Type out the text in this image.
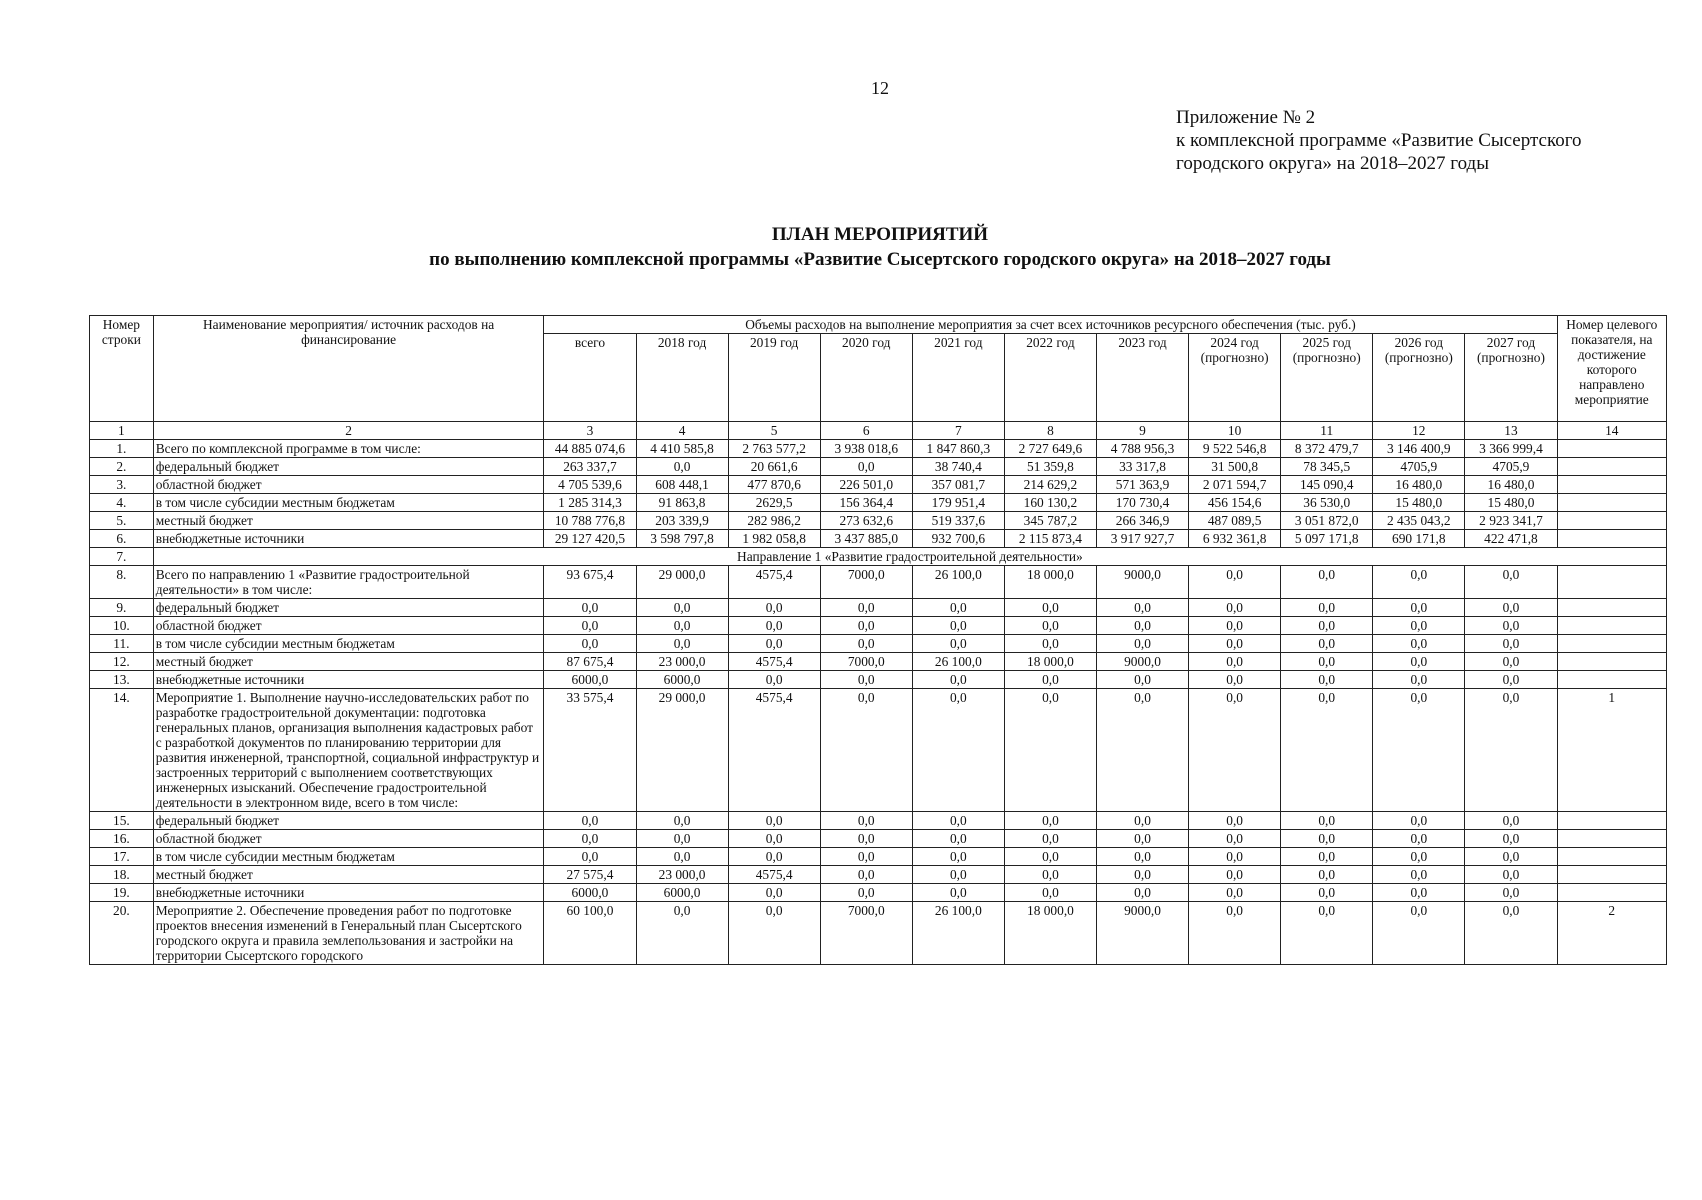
12
Приложение № 2
к комплексной программе «Развитие Сысертского
городского округа» на 2018–2027 годы
ПЛАН МЕРОПРИЯТИЙ
по выполнению комплексной программы «Развитие Сысертского городского округа» на 2018–2027 годы
Номер строки	Наименование мероприятия/ источник расходов на финансирование	Объемы расходов на выполнение мероприятия за счет всех источников ресурсного обеспечения (тыс. руб.)											Номер целевого показателя, на достижение которого направлено мероприятие
		всего	2018 год	2019 год	2020 год	2021 год	2022 год	2023 год	2024 год (прогнозно)	2025 год (прогнозно)	2026 год (прогнозно)	2027 год (прогнозно)	
1	2	3	4	5	6	7	8	9	10	11	12	13	14
1.	Всего по комплексной программе в том числе:	44 885 074,6	4 410 585,8	2 763 577,2	3 938 018,6	1 847 860,3	2 727 649,6	4 788 956,3	9 522 546,8	8 372 479,7	3 146 400,9	3 366 999,4	
2.	федеральный бюджет	263 337,7	0,0	20 661,6	0,0	38 740,4	51 359,8	33 317,8	31 500,8	78 345,5	4705,9	4705,9	
3.	областной бюджет	4 705 539,6	608 448,1	477 870,6	226 501,0	357 081,7	214 629,2	571 363,9	2 071 594,7	145 090,4	16 480,0	16 480,0	
4.	в том числе субсидии местным бюджетам	1 285 314,3	91 863,8	2629,5	156 364,4	179 951,4	160 130,2	170 730,4	456 154,6	36 530,0	15 480,0	15 480,0	
5.	местный бюджет	10 788 776,8	203 339,9	282 986,2	273 632,6	519 337,6	345 787,2	266 346,9	487 089,5	3 051 872,0	2 435 043,2	2 923 341,7	
6.	внебюджетные источники	29 127 420,5	3 598 797,8	1 982 058,8	3 437 885,0	932 700,6	2 115 873,4	3 917 927,7	6 932 361,8	5 097 171,8	690 171,8	422 471,8	
7.	Направление 1 «Развитие градостроительной деятельности»												
8.	Всего по направлению 1 «Развитие градостроительной деятельности» в том числе:	93 675,4	29 000,0	4575,4	7000,0	26 100,0	18 000,0	9000,0	0,0	0,0	0,0	0,0	
9.	федеральный бюджет	0,0	0,0	0,0	0,0	0,0	0,0	0,0	0,0	0,0	0,0	0,0	
10.	областной бюджет	0,0	0,0	0,0	0,0	0,0	0,0	0,0	0,0	0,0	0,0	0,0	
11.	в том числе субсидии местным бюджетам	0,0	0,0	0,0	0,0	0,0	0,0	0,0	0,0	0,0	0,0	0,0	
12.	местный бюджет	87 675,4	23 000,0	4575,4	7000,0	26 100,0	18 000,0	9000,0	0,0	0,0	0,0	0,0	
13.	внебюджетные источники	6000,0	6000,0	0,0	0,0	0,0	0,0	0,0	0,0	0,0	0,0	0,0	
14.	Мероприятие 1. Выполнение научно-исследовательских работ по разработке градостроительной документации: подготовка генеральных планов, организация выполнения кадастровых работ с разработкой документов по планированию территории для развития инженерной, транспортной, социальной инфраструктур и застроенных территорий с выполнением соответствующих инженерных изысканий. Обеспечение градостроительной деятельности в электронном виде, всего в том числе:	33 575,4	29 000,0	4575,4	0,0	0,0	0,0	0,0	0,0	0,0	0,0	0,0	1
15.	федеральный бюджет	0,0	0,0	0,0	0,0	0,0	0,0	0,0	0,0	0,0	0,0	0,0	
16.	областной бюджет	0,0	0,0	0,0	0,0	0,0	0,0	0,0	0,0	0,0	0,0	0,0	
17.	в том числе субсидии местным бюджетам	0,0	0,0	0,0	0,0	0,0	0,0	0,0	0,0	0,0	0,0	0,0	
18.	местный бюджет	27 575,4	23 000,0	4575,4	0,0	0,0	0,0	0,0	0,0	0,0	0,0	0,0	
19.	внебюджетные источники	6000,0	6000,0	0,0	0,0	0,0	0,0	0,0	0,0	0,0	0,0	0,0	
20.	Мероприятие 2. Обеспечение проведения работ по подготовке проектов внесения изменений в Генеральный план Сысертского городского округа и правила землепользования и застройки на территории Сысертского городского	60 100,0	0,0	0,0	7000,0	26 100,0	18 000,0	9000,0	0,0	0,0	0,0	0,0	2
